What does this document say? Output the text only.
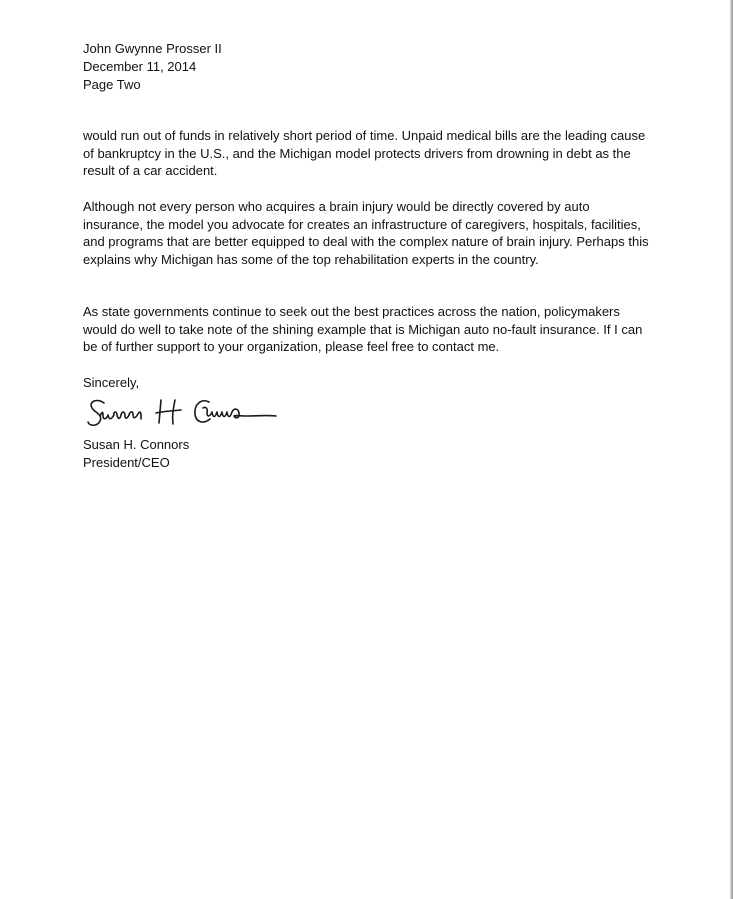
John Gwynne Prosser II
December 11, 2014
Page Two

would run out of funds in relatively short period of time. Unpaid medical bills are the leading cause of bankruptcy in the U.S., and the Michigan model protects drivers from drowning in debt as the result of a car accident.

Although not every person who acquires a brain injury would be directly covered by auto insurance, the model you advocate for creates an infrastructure of caregivers, hospitals, facilities, and programs that are better equipped to deal with the complex nature of brain injury. Perhaps this explains why Michigan has some of the top rehabilitation experts in the country.

As state governments continue to seek out the best practices across the nation, policymakers would do well to take note of the shining example that is Michigan auto no-fault insurance. If I can be of further support to your organization, please feel free to contact me.

Sincerely,
Susan H. Connors
President/CEO
